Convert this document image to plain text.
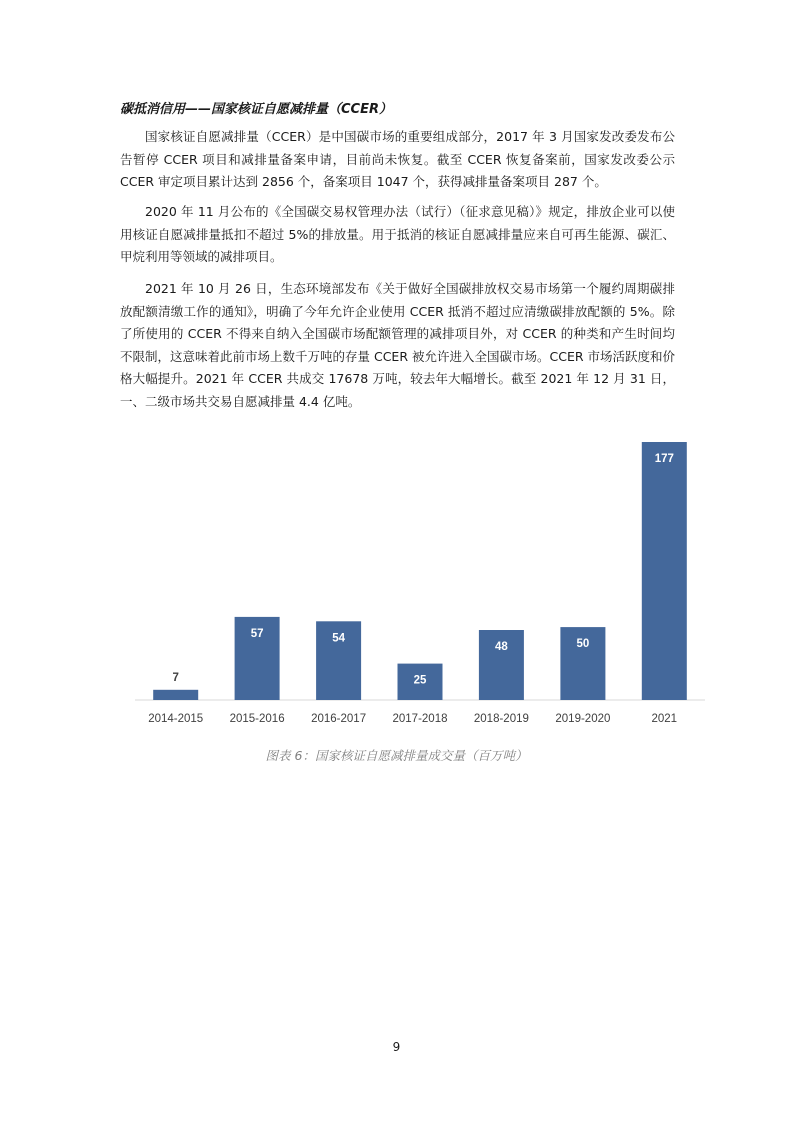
碳抵消信用——国家核证自愿减排量（CCER）

国家核证自愿减排量（CCER）是中国碳市场的重要组成部分，2017 年 3 月国家发改委发布公告暂停 CCER 项目和减排量备案申请，目前尚未恢复。截至 CCER 恢复备案前，国家发改委公示 CCER 审定项目累计达到 2856 个，备案项目 1047 个，获得减排量备案项目 287 个。

2020 年 11 月公布的《全国碳交易权管理办法（试行）（征求意见稿）》规定，排放企业可以使用核证自愿减排量抵扣不超过 5%的排放量。用于抵消的核证自愿减排量应来自可再生能源、碳汇、甲烷利用等领域的减排项目。

2021 年 10 月 26 日，生态环境部发布《关于做好全国碳排放权交易市场第一个履约周期碳排放配额清缴工作的通知》，明确了今年允许企业使用 CCER 抵消不超过应清缴碳排放配额的 5%。除了所使用的 CCER 不得来自纳入全国碳市场配额管理的减排项目外，对 CCER 的种类和产生时间均不限制，这意味着此前市场上数千万吨的存量 CCER 被允许进入全国碳市场。CCER 市场活跃度和价格大幅提升。2021 年 CCER 共成交 17678 万吨，较去年大幅增长。截至 2021 年 12 月 31 日，一、二级市场共交易自愿减排量 4.4 亿吨。

7
2014-2015
57
2015-2016
54
2016-2017
25
2017-2018
48
2018-2019
50
2019-2020
177
2021
图表 6：国家核证自愿减排量成交量（百万吨）
9
